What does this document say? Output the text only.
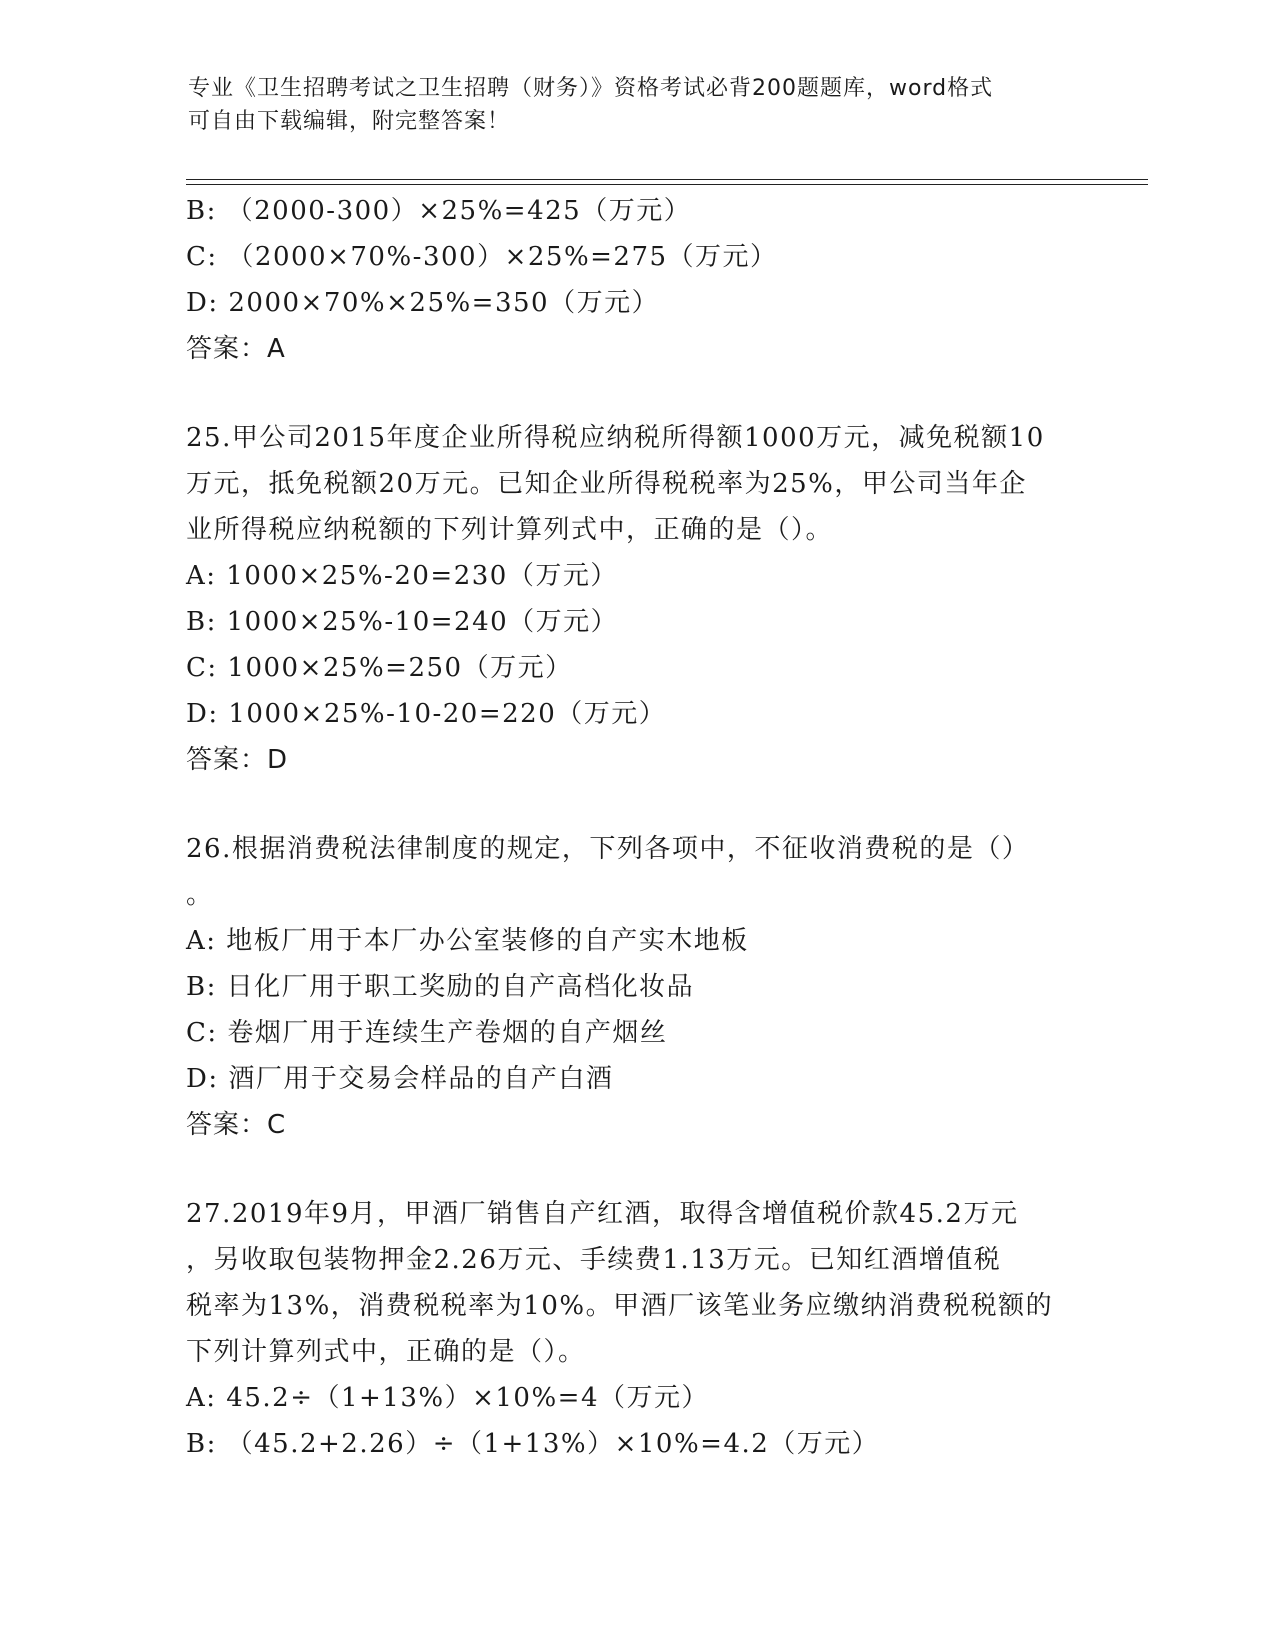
专业《卫生招聘考试之卫生招聘（财务）》资格考试必背200题题库，word格式
可自由下载编辑，附完整答案！
B: （2000-300）×25%=425（万元）
C: （2000×70%-300）×25%=275（万元）
D: 2000×70%×25%=350（万元）
答案：A
25.甲公司2015年度企业所得税应纳税所得额1000万元，减免税额10
万元，抵免税额20万元。已知企业所得税税率为25%，甲公司当年企
业所得税应纳税额的下列计算列式中，正确的是（）。
A: 1000×25%-20=230（万元）
B: 1000×25%-10=240（万元）
C: 1000×25%=250（万元）
D: 1000×25%-10-20=220（万元）
答案：D
26.根据消费税法律制度的规定，下列各项中，不征收消费税的是（）
。
A: 地板厂用于本厂办公室装修的自产实木地板
B: 日化厂用于职工奖励的自产高档化妆品
C: 卷烟厂用于连续生产卷烟的自产烟丝
D: 酒厂用于交易会样品的自产白酒
答案：C
27.2019年9月，甲酒厂销售自产红酒，取得含增值税价款45.2万元
，另收取包装物押金2.26万元、手续费1.13万元。已知红酒增值税
税率为13%，消费税税率为10%。甲酒厂该笔业务应缴纳消费税税额的
下列计算列式中，正确的是（）。
A: 45.2÷（1+13%）×10%=4（万元）
B: （45.2+2.26）÷（1+13%）×10%=4.2（万元）
